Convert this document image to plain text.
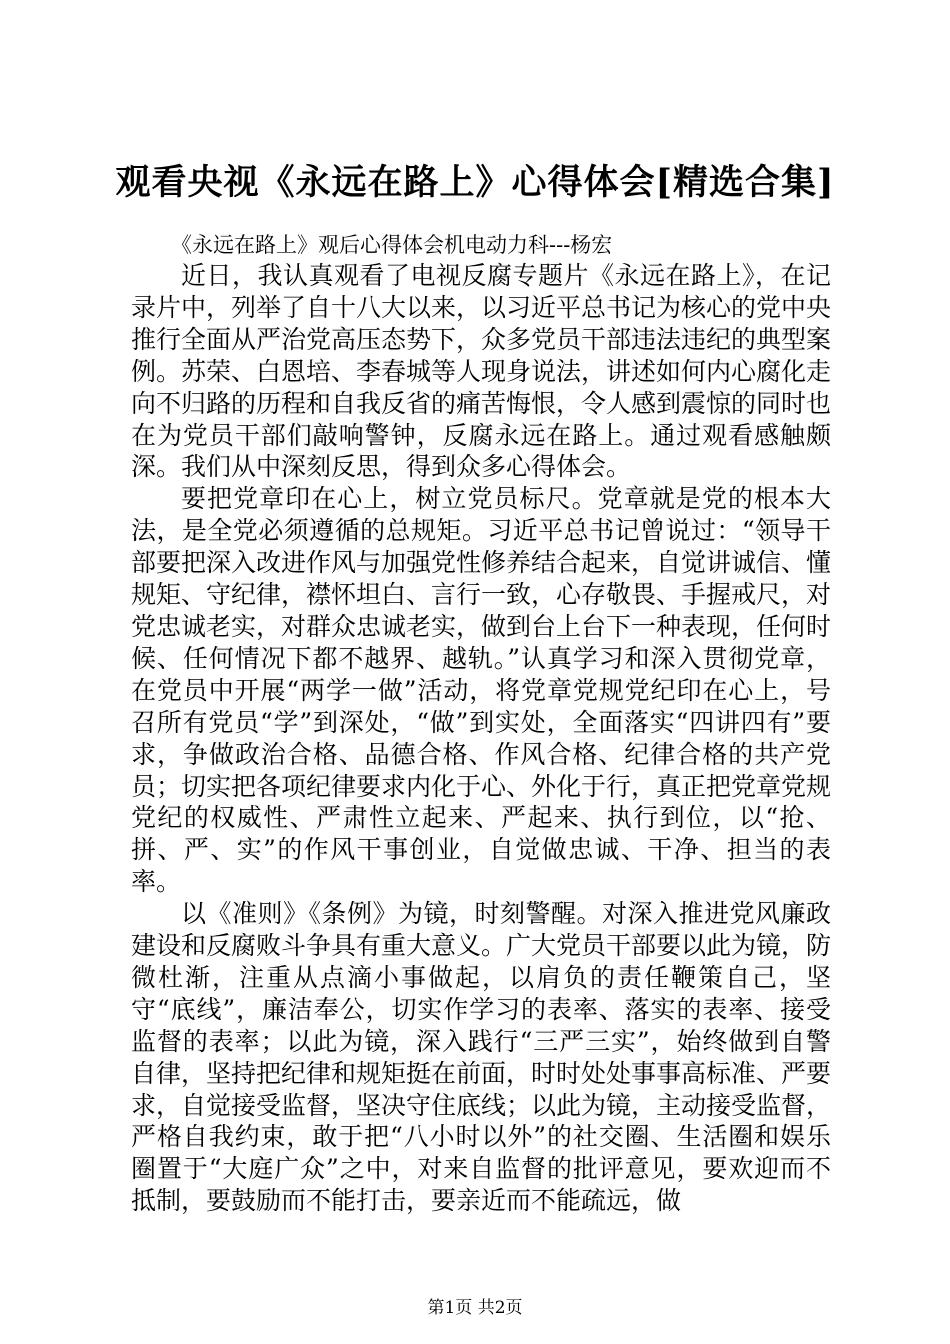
观看央视《永远在路上》心得体会[精选合集]

《永远在路上》观后心得体会机电动力科---杨宏

近日，我认真观看了电视反腐专题片《永远在路上》，在记录片中，列举了自十八大以来，以习近平总书记为核心的党中央推行全面从严治党高压态势下，众多党员干部违法违纪的典型案例。苏荣、白恩培、李春城等人现身说法，讲述如何内心腐化走向不归路的历程和自我反省的痛苦悔恨，令人感到震惊的同时也在为党员干部们敲响警钟，反腐永远在路上。通过观看感触颇深。我们从中深刻反思，得到众多心得体会。

要把党章印在心上，树立党员标尺。党章就是党的根本大法，是全党必须遵循的总规矩。习近平总书记曾说过：“领导干部要把深入改进作风与加强党性修养结合起来，自觉讲诚信、懂规矩、守纪律，襟怀坦白、言行一致，心存敬畏、手握戒尺，对党忠诚老实，对群众忠诚老实，做到台上台下一种表现，任何时候、任何情况下都不越界、越轨。”认真学习和深入贯彻党章，在党员中开展“两学一做”活动，将党章党规党纪印在心上，号召所有党员“学”到深处，“做”到实处，全面落实“四讲四有”要求，争做政治合格、品德合格、作风合格、纪律合格的共产党员；切实把各项纪律要求内化于心、外化于行，真正把党章党规党纪的权威性、严肃性立起来、严起来、执行到位，以“抢、拼、严、实”的作风干事创业，自觉做忠诚、干净、担当的表率。

以《准则》《条例》为镜，时刻警醒。对深入推进党风廉政建设和反腐败斗争具有重大意义。广大党员干部要以此为镜，防微杜渐，注重从点滴小事做起，以肩负的责任鞭策自己，坚守“底线”，廉洁奉公，切实作学习的表率、落实的表率、接受监督的表率；以此为镜，深入践行“三严三实”，始终做到自警自律，坚持把纪律和规矩挺在前面，时时处处事事高标准、严要求，自觉接受监督，坚决守住底线；以此为镜，主动接受监督，严格自我约束，敢于把“八小时以外”的社交圈、生活圈和娱乐圈置于“大庭广众”之中，对来自监督的批评意见，要欢迎而不抵制，要鼓励而不能打击，要亲近而不能疏远，做

第1页 共2页
